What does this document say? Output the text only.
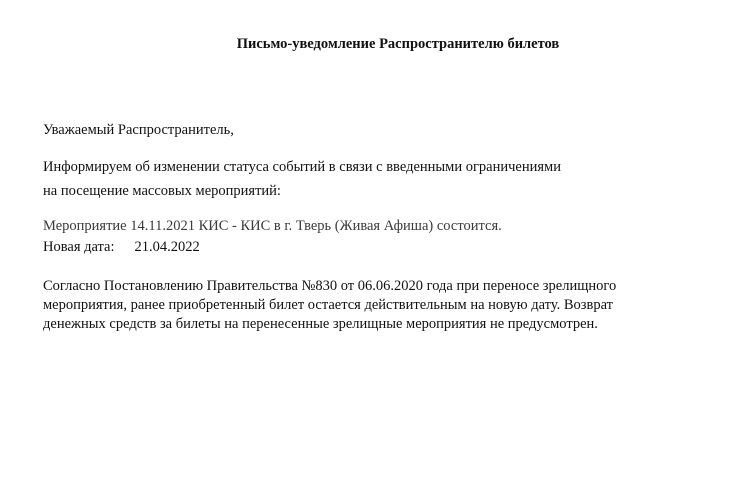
Письмо-уведомление Распространителю билетов
Уважаемый Распространитель,
Информируем об изменении статуса событий в связи с введенными ограничениями
на посещение массовых мероприятий:
Мероприятие 14.11.2021 КИС - КИС в г. Тверь (Живая Афиша) состоится.
Новая дата: 21.04.2022
Согласно Постановлению Правительства №830 от 06.06.2020 года при переносе зрелищного
мероприятия, ранее приобретенный билет остается действительным на новую дату. Возврат
денежных средств за билеты на перенесенные зрелищные мероприятия не предусмотрен.
